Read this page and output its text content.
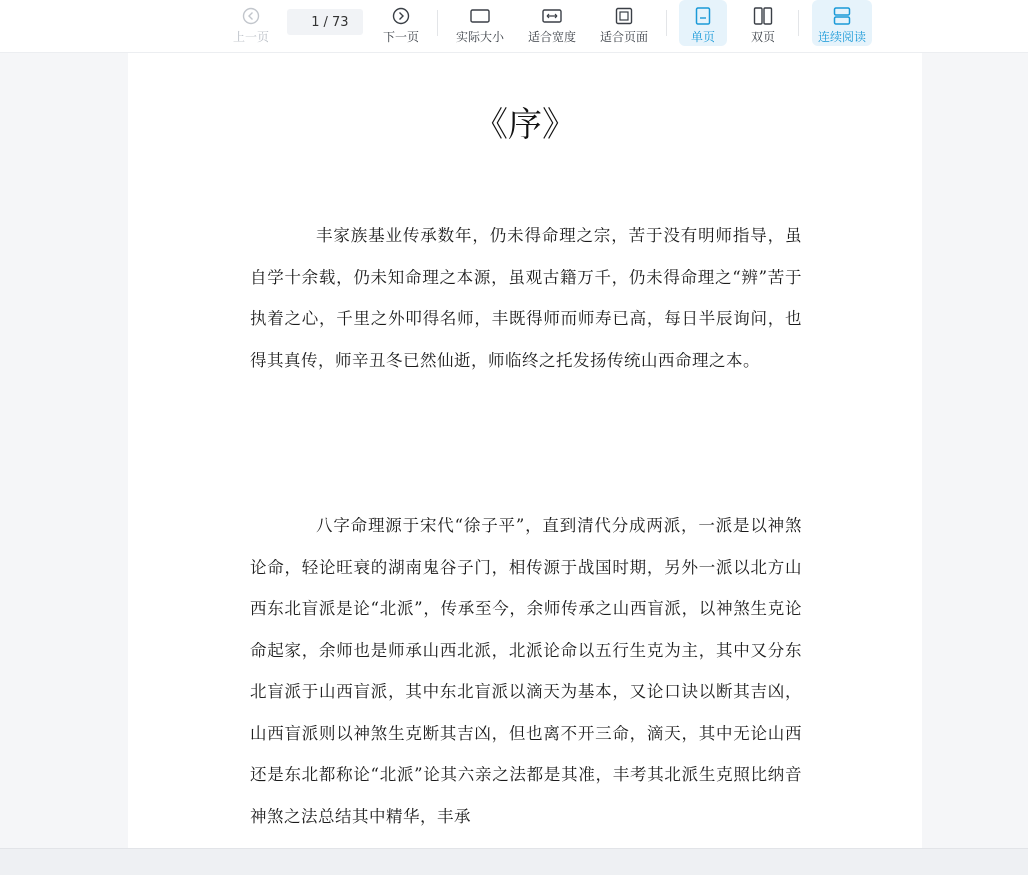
上一页
1
/ 73
下一页	实际大小 适合宽度 适合页面	单页	双页	连续阅读
《序》
丰家族基业传承数年，仍未得命理之宗，苦于没有明师指导，虽自学十余载，仍未知命理之本源，虽观古籍万千，仍未得命理之“辨”苦于执着之心，千里之外叩得名师，丰既得师而师寿已高，每日半辰询问，也得其真传，师辛丑冬已然仙逝，师临终之托发扬传统山西命理之本。
八字命理源于宋代“徐子平”，直到清代分成两派，一派是以神煞论命，轻论旺衰的湖南鬼谷子门，相传源于战国时期，另外一派以北方山西东北盲派是论“北派”，传承至今，余师传承之山西盲派，以神煞生克论命起家，余师也是师承山西北派，北派论命以五行生克为主，其中又分东北盲派于山西盲派，其中东北盲派以滴天为基本，又论口诀以断其吉凶，山西盲派则以神煞生克断其吉凶，但也离不开三命，滴天，其中无论山西还是东北都称论“北派”论其六亲之法都是其准，丰考其北派生克照比纳音神煞之法总结其中精华，丰承
